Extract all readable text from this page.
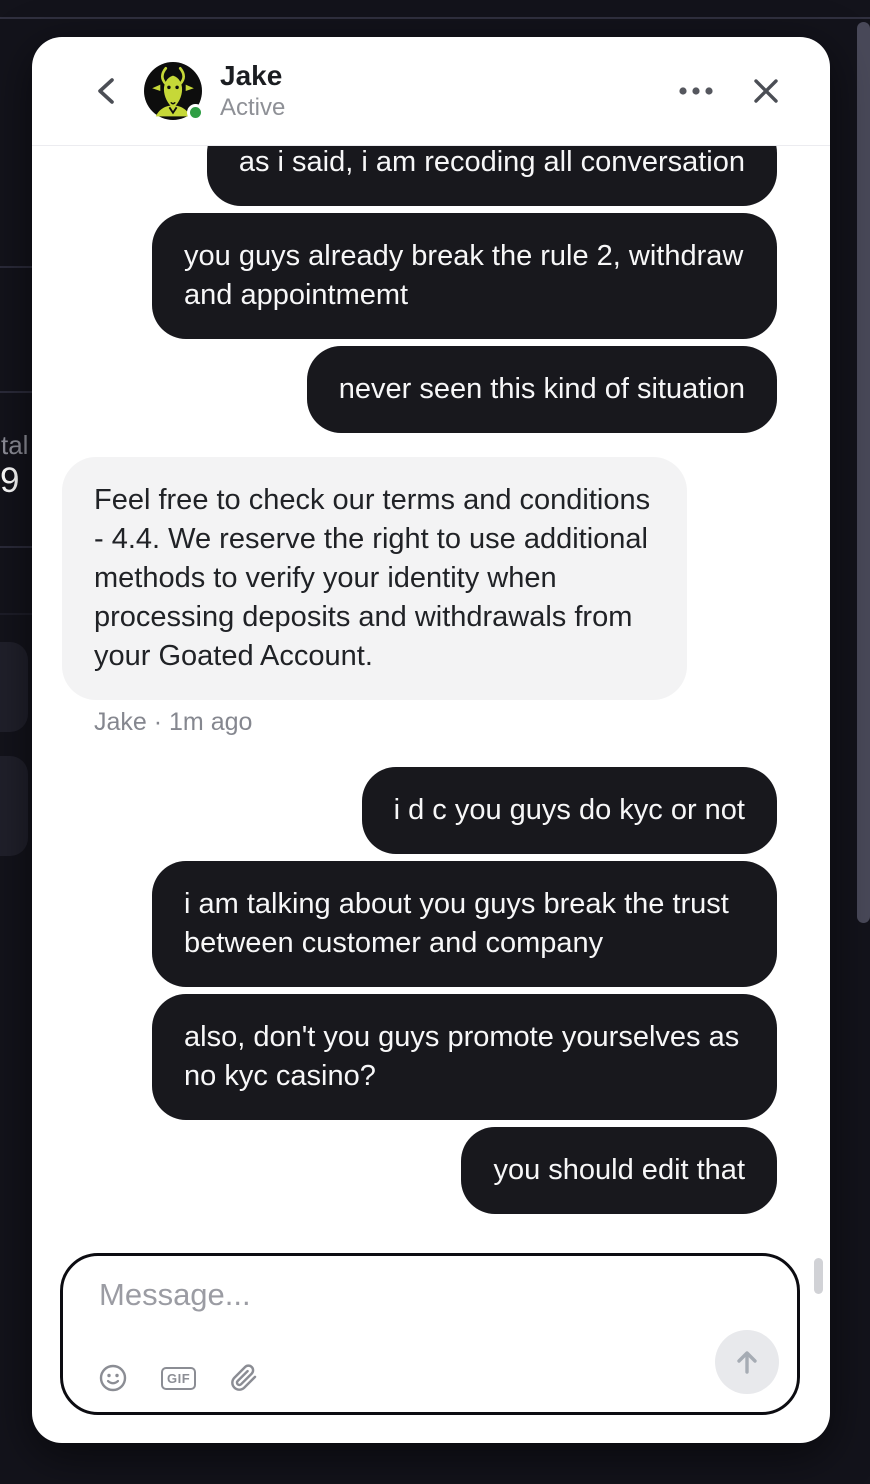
tal
9
Jake
Active
as i said, i am recoding all conversation
you guys already break the rule 2, withdraw and appointmemt
never seen this kind of situation
Feel free to check our terms and conditions - 4.4. We reserve the right to use additional methods to verify your identity when processing deposits and withdrawals from your Goated Account.
Jake · 1m ago
i d c you guys do kyc or not
i am talking about you guys break the trust between customer and company
also, don't you guys promote yourselves as no kyc casino?
you should edit that
Message...
GIF
